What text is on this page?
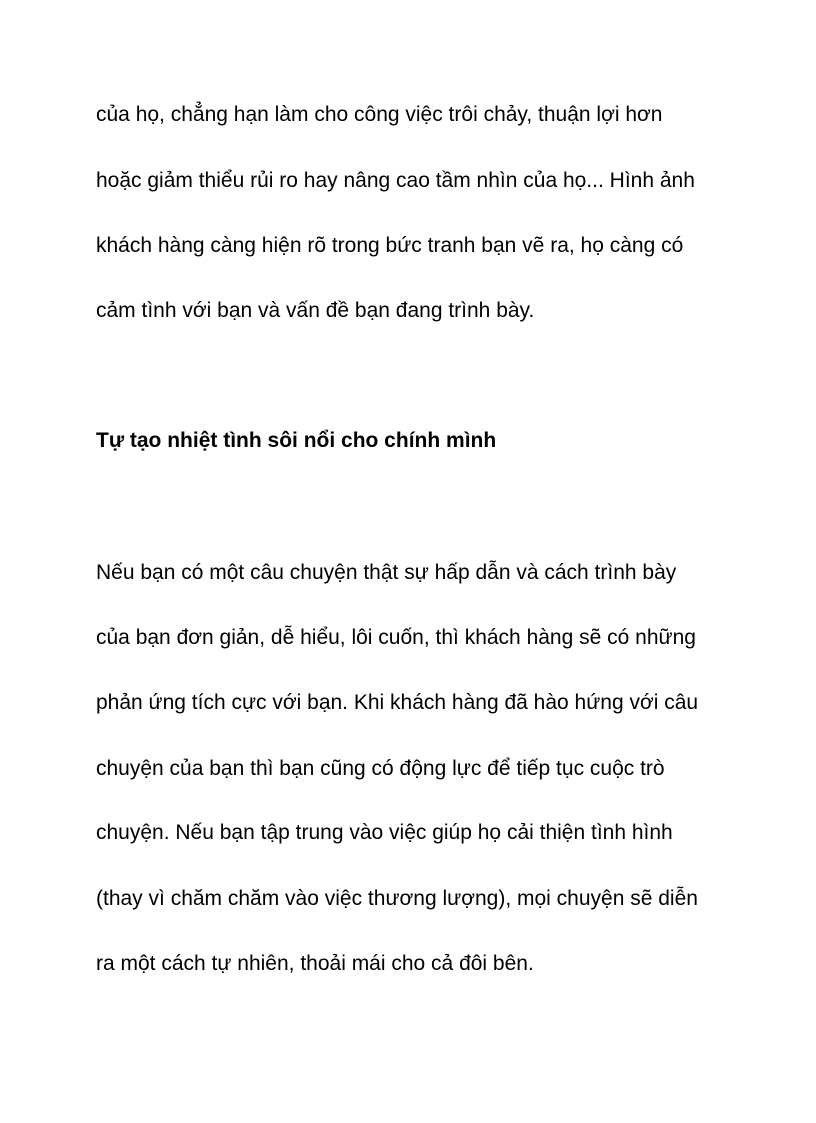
của họ, chẳng hạn làm cho công việc trôi chảy, thuận lợi hơn
hoặc giảm thiểu rủi ro hay nâng cao tầm nhìn của họ... Hình ảnh
khách hàng càng hiện rõ trong bức tranh bạn vẽ ra, họ càng có
cảm tình với bạn và vấn đề bạn đang trình bày.
Tự tạo nhiệt tình sôi nổi cho chính mình
Nếu bạn có một câu chuyện thật sự hấp dẫn và cách trình bày
của bạn đơn giản, dễ hiểu, lôi cuốn, thì khách hàng sẽ có những
phản ứng tích cực với bạn. Khi khách hàng đã hào hứng với câu
chuyện của bạn thì bạn cũng có động lực để tiếp tục cuộc trò
chuyện. Nếu bạn tập trung vào việc giúp họ cải thiện tình hình
(thay vì chăm chăm vào việc thương lượng), mọi chuyện sẽ diễn
ra một cách tự nhiên, thoải mái cho cả đôi bên.
